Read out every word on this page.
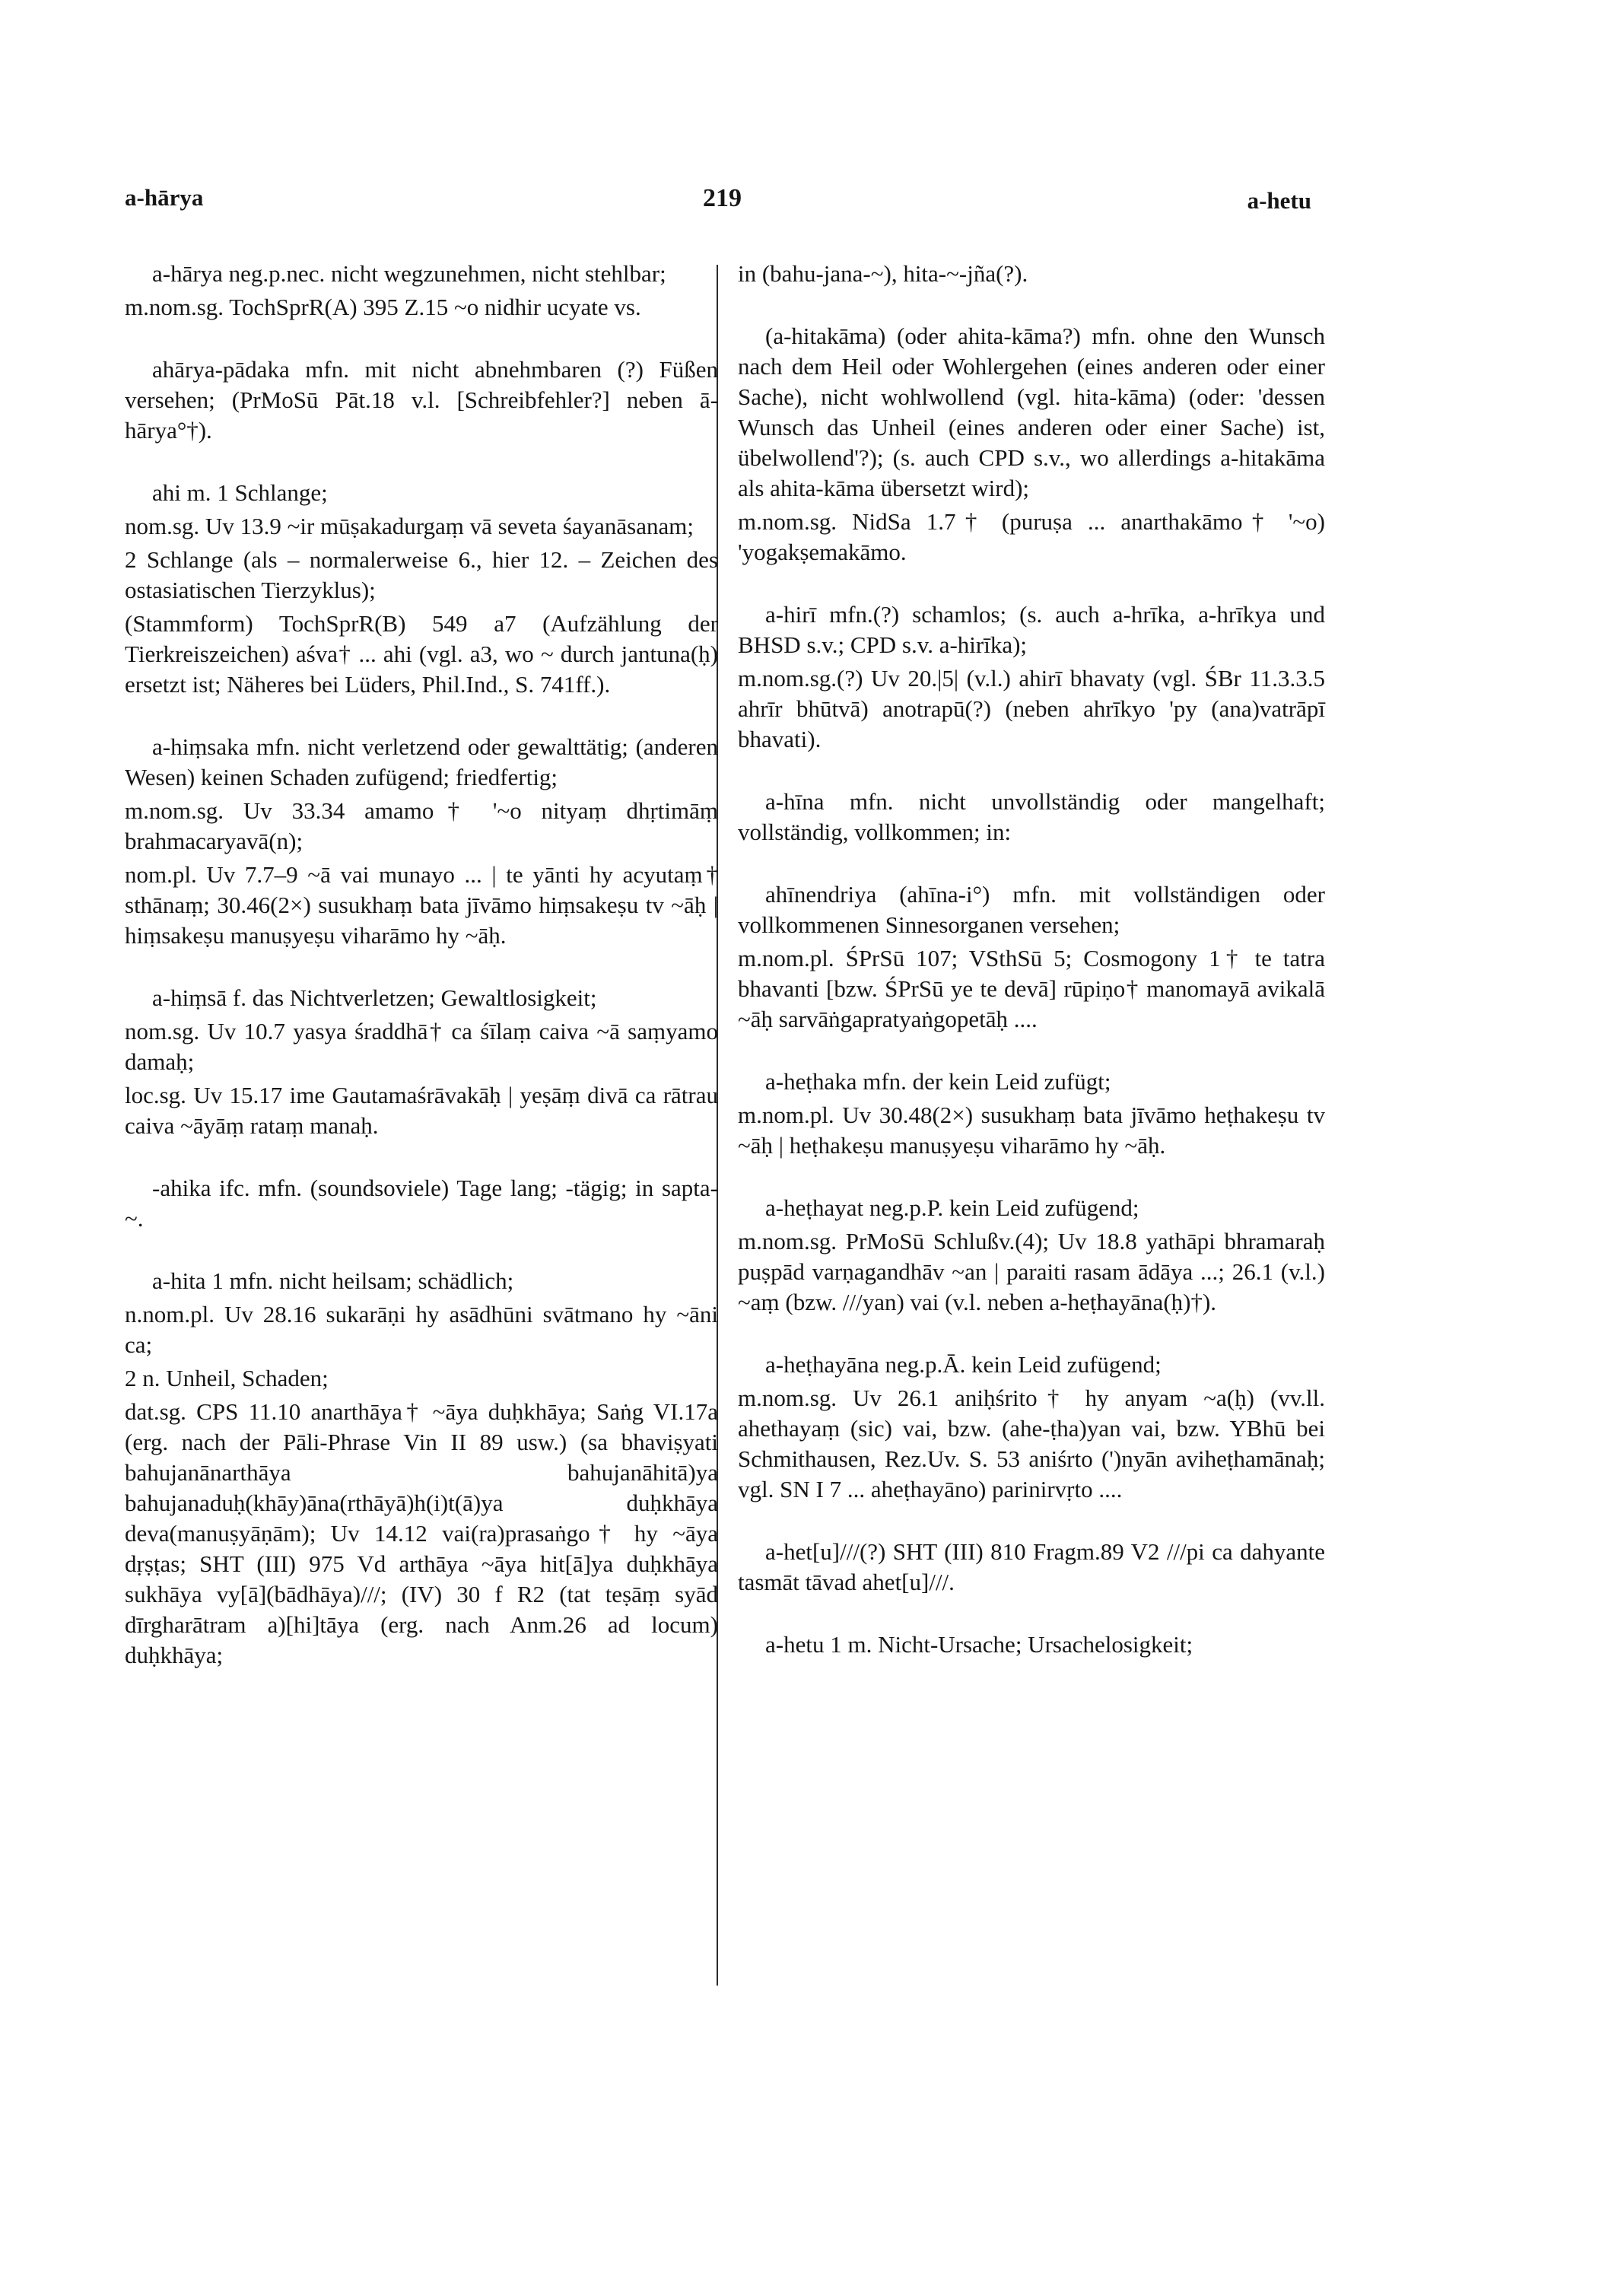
a-hārya	219	a-hetu

a-hārya neg.p.nec. nicht wegzunehmen, nicht stehlbar;

m.nom.sg. TochSprR(A) 395 Z.15 ~o nidhir ucyate vs.

ahārya-pādaka mfn. mit nicht abnehmbaren (?) Füßen versehen; (PrMoSū Pāt.18 v.l. [Schreibfehler?] neben ā-hārya°†).

ahi m. 1 Schlange;

nom.sg. Uv 13.9 ~ir mūṣakadurgaṃ vā seveta śayanāsanam;

2 Schlange (als – normalerweise 6., hier 12. – Zeichen des ostasiatischen Tierzyklus);

(Stammform) TochSprR(B) 549 a7 (Aufzählung der Tierkreiszeichen) aśva† ... ahi (vgl. a3, wo ~ durch jantuna(ḥ) ersetzt ist; Näheres bei Lüders, Phil.Ind., S. 741ff.).

a-hiṃsaka mfn. nicht verletzend oder gewalttätig; (anderen Wesen) keinen Schaden zufügend; friedfertig;

m.nom.sg. Uv 33.34 amamo† '~o nityaṃ dhṛtimāṃ brahmacaryavā(n);

nom.pl. Uv 7.7–9 ~ā vai munayo ... | te yānti hy acyutaṃ† sthānaṃ; 30.46(2×) susukhaṃ bata jīvāmo hiṃsakeṣu tv ~āḥ | hiṃsakeṣu manuṣyeṣu viharāmo hy ~āḥ.

a-hiṃsā f. das Nichtverletzen; Gewaltlosigkeit;

nom.sg. Uv 10.7 yasya śraddhā† ca śīlaṃ caiva ~ā saṃyamo damaḥ;

loc.sg. Uv 15.17 ime Gautamaśrāvakāḥ | yeṣāṃ divā ca rātrau caiva ~āyāṃ rataṃ manaḥ.

-ahika ifc. mfn. (soundsoviele) Tage lang; -tägig; in sapta-~.

a-hita 1 mfn. nicht heilsam; schädlich;

n.nom.pl. Uv 28.16 sukarāṇi hy asādhūni svātmano hy ~āni ca;

2 n. Unheil, Schaden;

dat.sg. CPS 11.10 anarthāya† ~āya duḥkhāya; Saṅg VI.17a (erg. nach der Pāli-Phrase Vin II 89 usw.) (sa bhaviṣyati bahujanānarthāya bahujanāhitā)ya bahujanaduḥ(khāy)āna(rthāyā)h(i)t(ā)ya duḥkhāya deva(manuṣyāṇām); Uv 14.12 vai(ra)prasaṅgo† hy ~āya dṛṣṭas; SHT (III) 975 Vd arthāya ~āya hit[ā]ya duḥkhāya sukhāya vy[ā](bādhāya)///; (IV) 30 f R2 (tat teṣāṃ syād dīrgharātram a)[hi]tāya (erg. nach Anm.26 ad locum) duḥkhāya;

in (bahu-jana-~), hita-~-jña(?).

(a-hitakāma) (oder ahita-kāma?) mfn. ohne den Wunsch nach dem Heil oder Wohlergehen (eines anderen oder einer Sache), nicht wohlwollend (vgl. hita-kāma) (oder: 'dessen Wunsch das Unheil (eines anderen oder einer Sache) ist, übelwollend'?); (s. auch CPD s.v., wo allerdings a-hitakāma als ahita-kāma übersetzt wird);

m.nom.sg. NidSa 1.7† (puruṣa ... anarthakāmo† '~o) 'yogakṣemakāmo.

a-hirī mfn.(?) schamlos; (s. auch a-hrīka, a-hrīkya und BHSD s.v.; CPD s.v. a-hirīka);

m.nom.sg.(?) Uv 20.|5| (v.l.) ahirī bhavaty (vgl. ŚBr 11.3.3.5 ahrīr bhūtvā) anotrapū(?) (neben ahrīkyo 'py (ana)vatrāpī bhavati).

a-hīna mfn. nicht unvollständig oder mangelhaft; vollständig, vollkommen; in:

ahīnendriya (ahīna-i°) mfn. mit vollständigen oder vollkommenen Sinnesorganen versehen;

m.nom.pl. ŚPrSū 107; VSthSū 5; Cosmogony 1† te tatra bhavanti [bzw. ŚPrSū ye te devā] rūpiṇo† manomayā avikalā ~āḥ sarvāṅgapratyaṅgopetāḥ ....

a-heṭhaka mfn. der kein Leid zufügt;

m.nom.pl. Uv 30.48(2×) susukhaṃ bata jīvāmo heṭhakeṣu tv ~āḥ | heṭhakeṣu manuṣyeṣu viharāmo hy ~āḥ.

a-heṭhayat neg.p.P. kein Leid zufügend;

m.nom.sg. PrMoSū Schlußv.(4); Uv 18.8 yathāpi bhramaraḥ puṣpād varṇagandhāv ~an | paraiti rasam ādāya ...; 26.1 (v.l.) ~aṃ (bzw. ///yan) vai (v.l. neben a-heṭhayāna(ḥ)†).

a-heṭhayāna neg.p.Ā. kein Leid zufügend;

m.nom.sg. Uv 26.1 aniḥśrito† hy anyam ~a(ḥ) (vv.ll. ahethayaṃ (sic) vai, bzw. (ahe-ṭha)yan vai, bzw. YBhū bei Schmithausen, Rez.Uv. S. 53 aniśrto (')nyān aviheṭhamānaḥ; vgl. SN I 7 ... aheṭhayāno) parinirvṛto ....

a-het[u]///(?) SHT (III) 810 Fragm.89 V2 ///pi ca dahyante tasmāt tāvad ahet[u]///.

a-hetu 1 m. Nicht-Ursache; Ursachelosigkeit;
